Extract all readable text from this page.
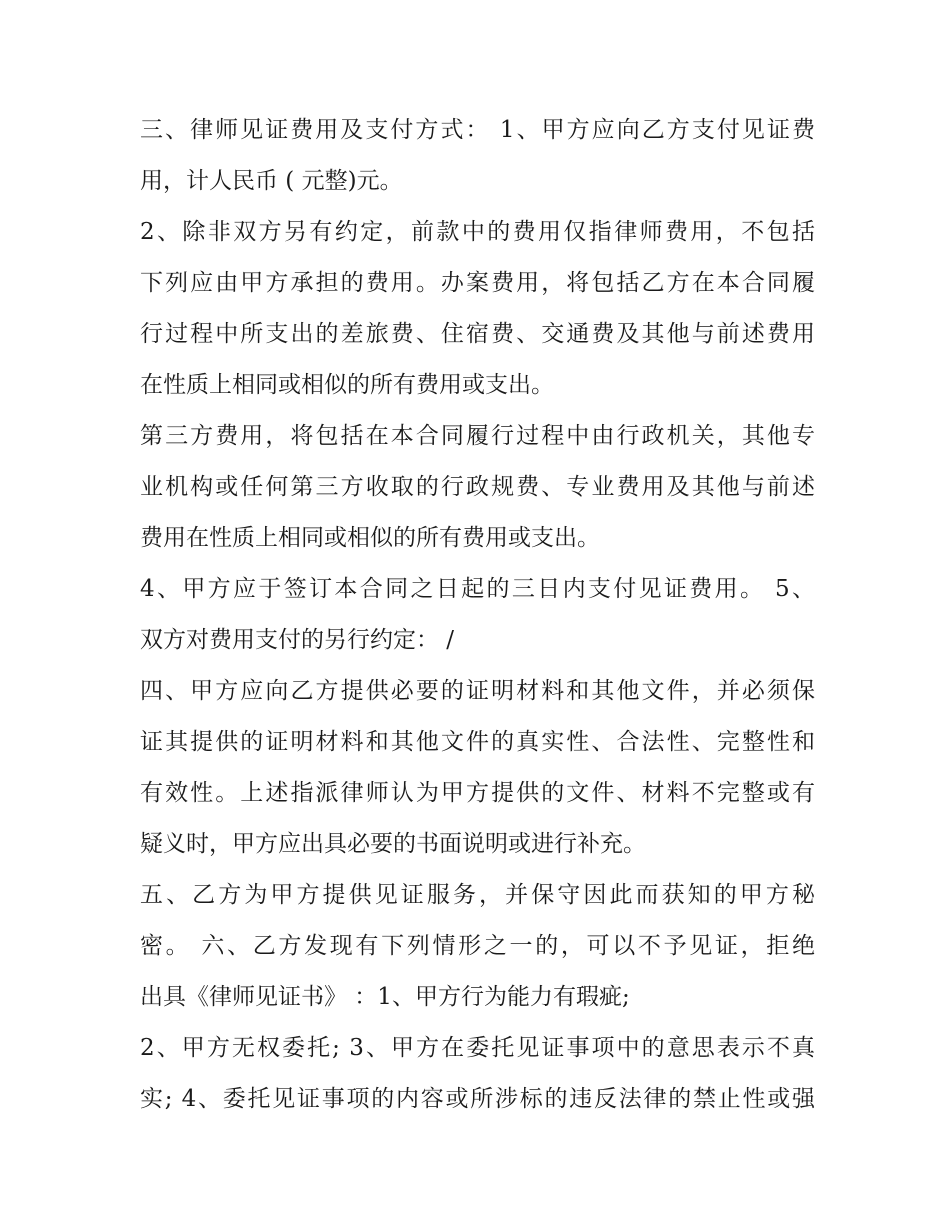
三、律师见证费用及支付方式： 1、甲方应向乙方支付见证费
用，计人民币 ( 元整)元。
2、除非双方另有约定，前款中的费用仅指律师费用，不包括
下列应由甲方承担的费用。办案费用，将包括乙方在本合同履
行过程中所支出的差旅费、住宿费、交通费及其他与前述费用
在性质上相同或相似的所有费用或支出。
第三方费用，将包括在本合同履行过程中由行政机关，其他专
业机构或任何第三方收取的行政规费、专业费用及其他与前述
费用在性质上相同或相似的所有费用或支出。
4、甲方应于签订本合同之日起的三日内支付见证费用。 5、
双方对费用支付的另行约定： /
四、甲方应向乙方提供必要的证明材料和其他文件，并必须保
证其提供的证明材料和其他文件的真实性、合法性、完整性和
有效性。上述指派律师认为甲方提供的文件、材料不完整或有
疑义时，甲方应出具必要的书面说明或进行补充。
五、乙方为甲方提供见证服务，并保守因此而获知的甲方秘
密。 六、乙方发现有下列情形之一的，可以不予见证，拒绝
出具《律师见证书》 ：1、甲方行为能力有瑕疵;
2、甲方无权委托; 3、甲方在委托见证事项中的意思表示不真
实; 4、委托见证事项的内容或所涉标的违反法律的禁止性或强
